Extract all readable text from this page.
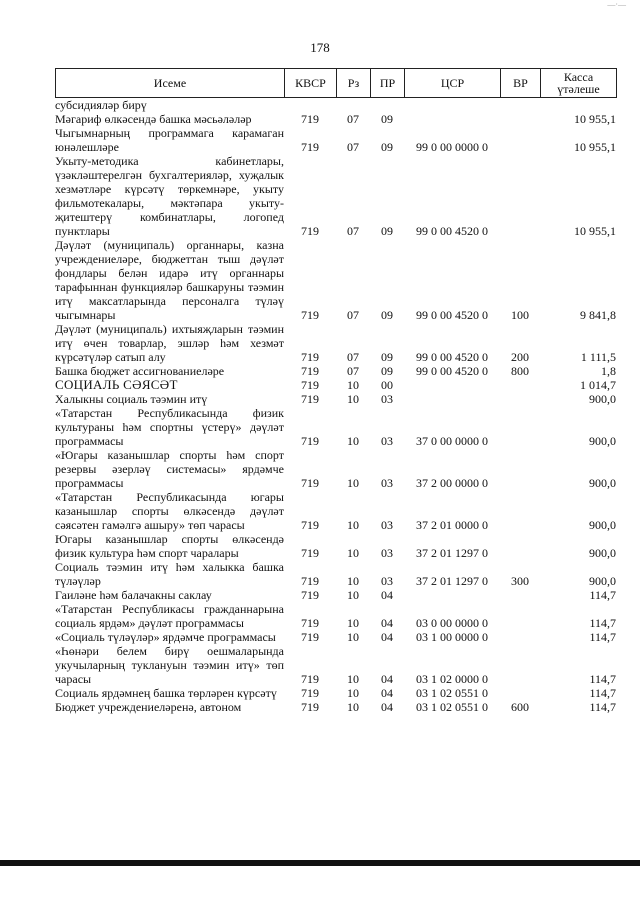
—·—
178
Исеме	КВСР	Рз	ПР	ЦСР	ВР	Касса
үтәлеше
субсидияләр бирү						
Мәгариф өлкәсендә башка мәсьәләләр	719	07	09			10 955,1
Чыгымнарның программага карамаган юнәлешләре	719	07	09	99 0 00 0000 0		10 955,1
Укыту-методика кабинетлары, үзәкләштерелгән бухгалтерияләр, хуҗалык хезмәтләре күрсәтү төркемнәре, укыту фильмотекалары, мәктәпара укыту-җитештерү комбинатлары, логопед пунктлары	719	07	09	99 0 00 4520 0		10 955,1
Дәүләт (муниципаль) органнары, казна учреждениеләре, бюджеттан тыш дәүләт фондлары белән идарә итү органнары тарафыннан функцияләр башкаруны тәэмин итү максатларында персоналга түләү чыгымнары	719	07	09	99 0 00 4520 0	100	9 841,8
Дәүләт (муниципаль) ихтыяҗларын тәэмин итү өчен товарлар, эшләр һәм хезмәт күрсәтүләр сатып алу	719	07	09	99 0 00 4520 0	200	1 111,5
Башка бюджет ассигнованиеләре	719	07	09	99 0 00 4520 0	800	1,8
СОЦИАЛЬ СӘЯСӘТ	719	10	00			1 014,7
Халыкны социаль тәэмин итү	719	10	03			900,0
«Татарстан Республикасында физик культураны һәм спортны үстерү» дәүләт программасы	719	10	03	37 0 00 0000 0		900,0
«Югары казанышлар спорты һәм спорт резервы әзерләү системасы» ярдәмче программасы	719	10	03	37 2 00 0000 0		900,0
«Татарстан Республикасында югары казанышлар спорты өлкәсендә дәүләт сәясәтен гамәлгә ашыру» төп чарасы	719	10	03	37 2 01 0000 0		900,0
Югары казанышлар спорты өлкәсендә физик культура һәм спорт чаралары	719	10	03	37 2 01 1297 0		900,0
Социаль тәэмин итү һәм халыкка башка түләүләр	719	10	03	37 2 01 1297 0	300	900,0
Гаиләне һәм балачакны саклау	719	10	04			114,7
«Татарстан Республикасы гражданнарына социаль ярдәм» дәүләт программасы	719	10	04	03 0 00 0000 0		114,7
«Социаль түләүләр» ярдәмче программасы	719	10	04	03 1 00 0000 0		114,7
«Һөнәри белем бирү оешмаларында укучыларның туклануын тәэмин итү» төп чарасы	719	10	04	03 1 02 0000 0		114,7
Социаль ярдәмнең башка төрләрен күрсәтү	719	10	04	03 1 02 0551 0		114,7
Бюджет учреждениеләренә, автоном	719	10	04	03 1 02 0551 0	600	114,7
